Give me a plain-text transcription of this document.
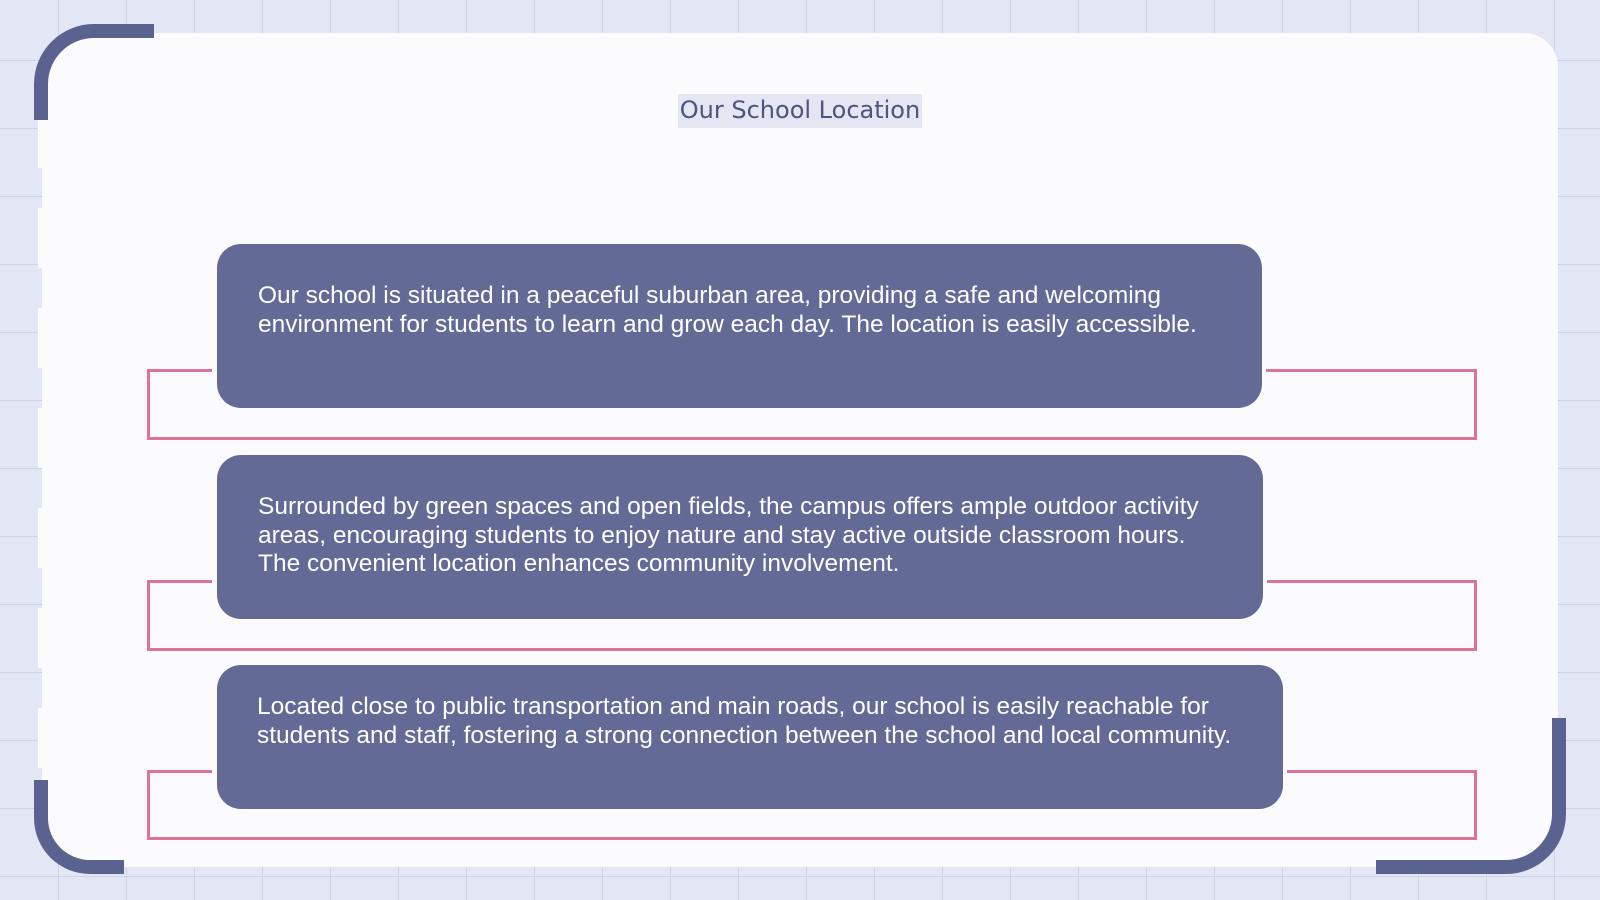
Our School Location
Our school is situated in a peaceful suburban area, providing a safe and welcoming environment for students to learn and grow each day. The location is easily accessible.
Surrounded by green spaces and open fields, the campus offers ample outdoor activity areas, encouraging students to enjoy nature and stay active outside classroom hours. The convenient location enhances community involvement.
Located close to public transportation and main roads, our school is easily reachable for students and staff, fostering a strong connection between the school and local community.
